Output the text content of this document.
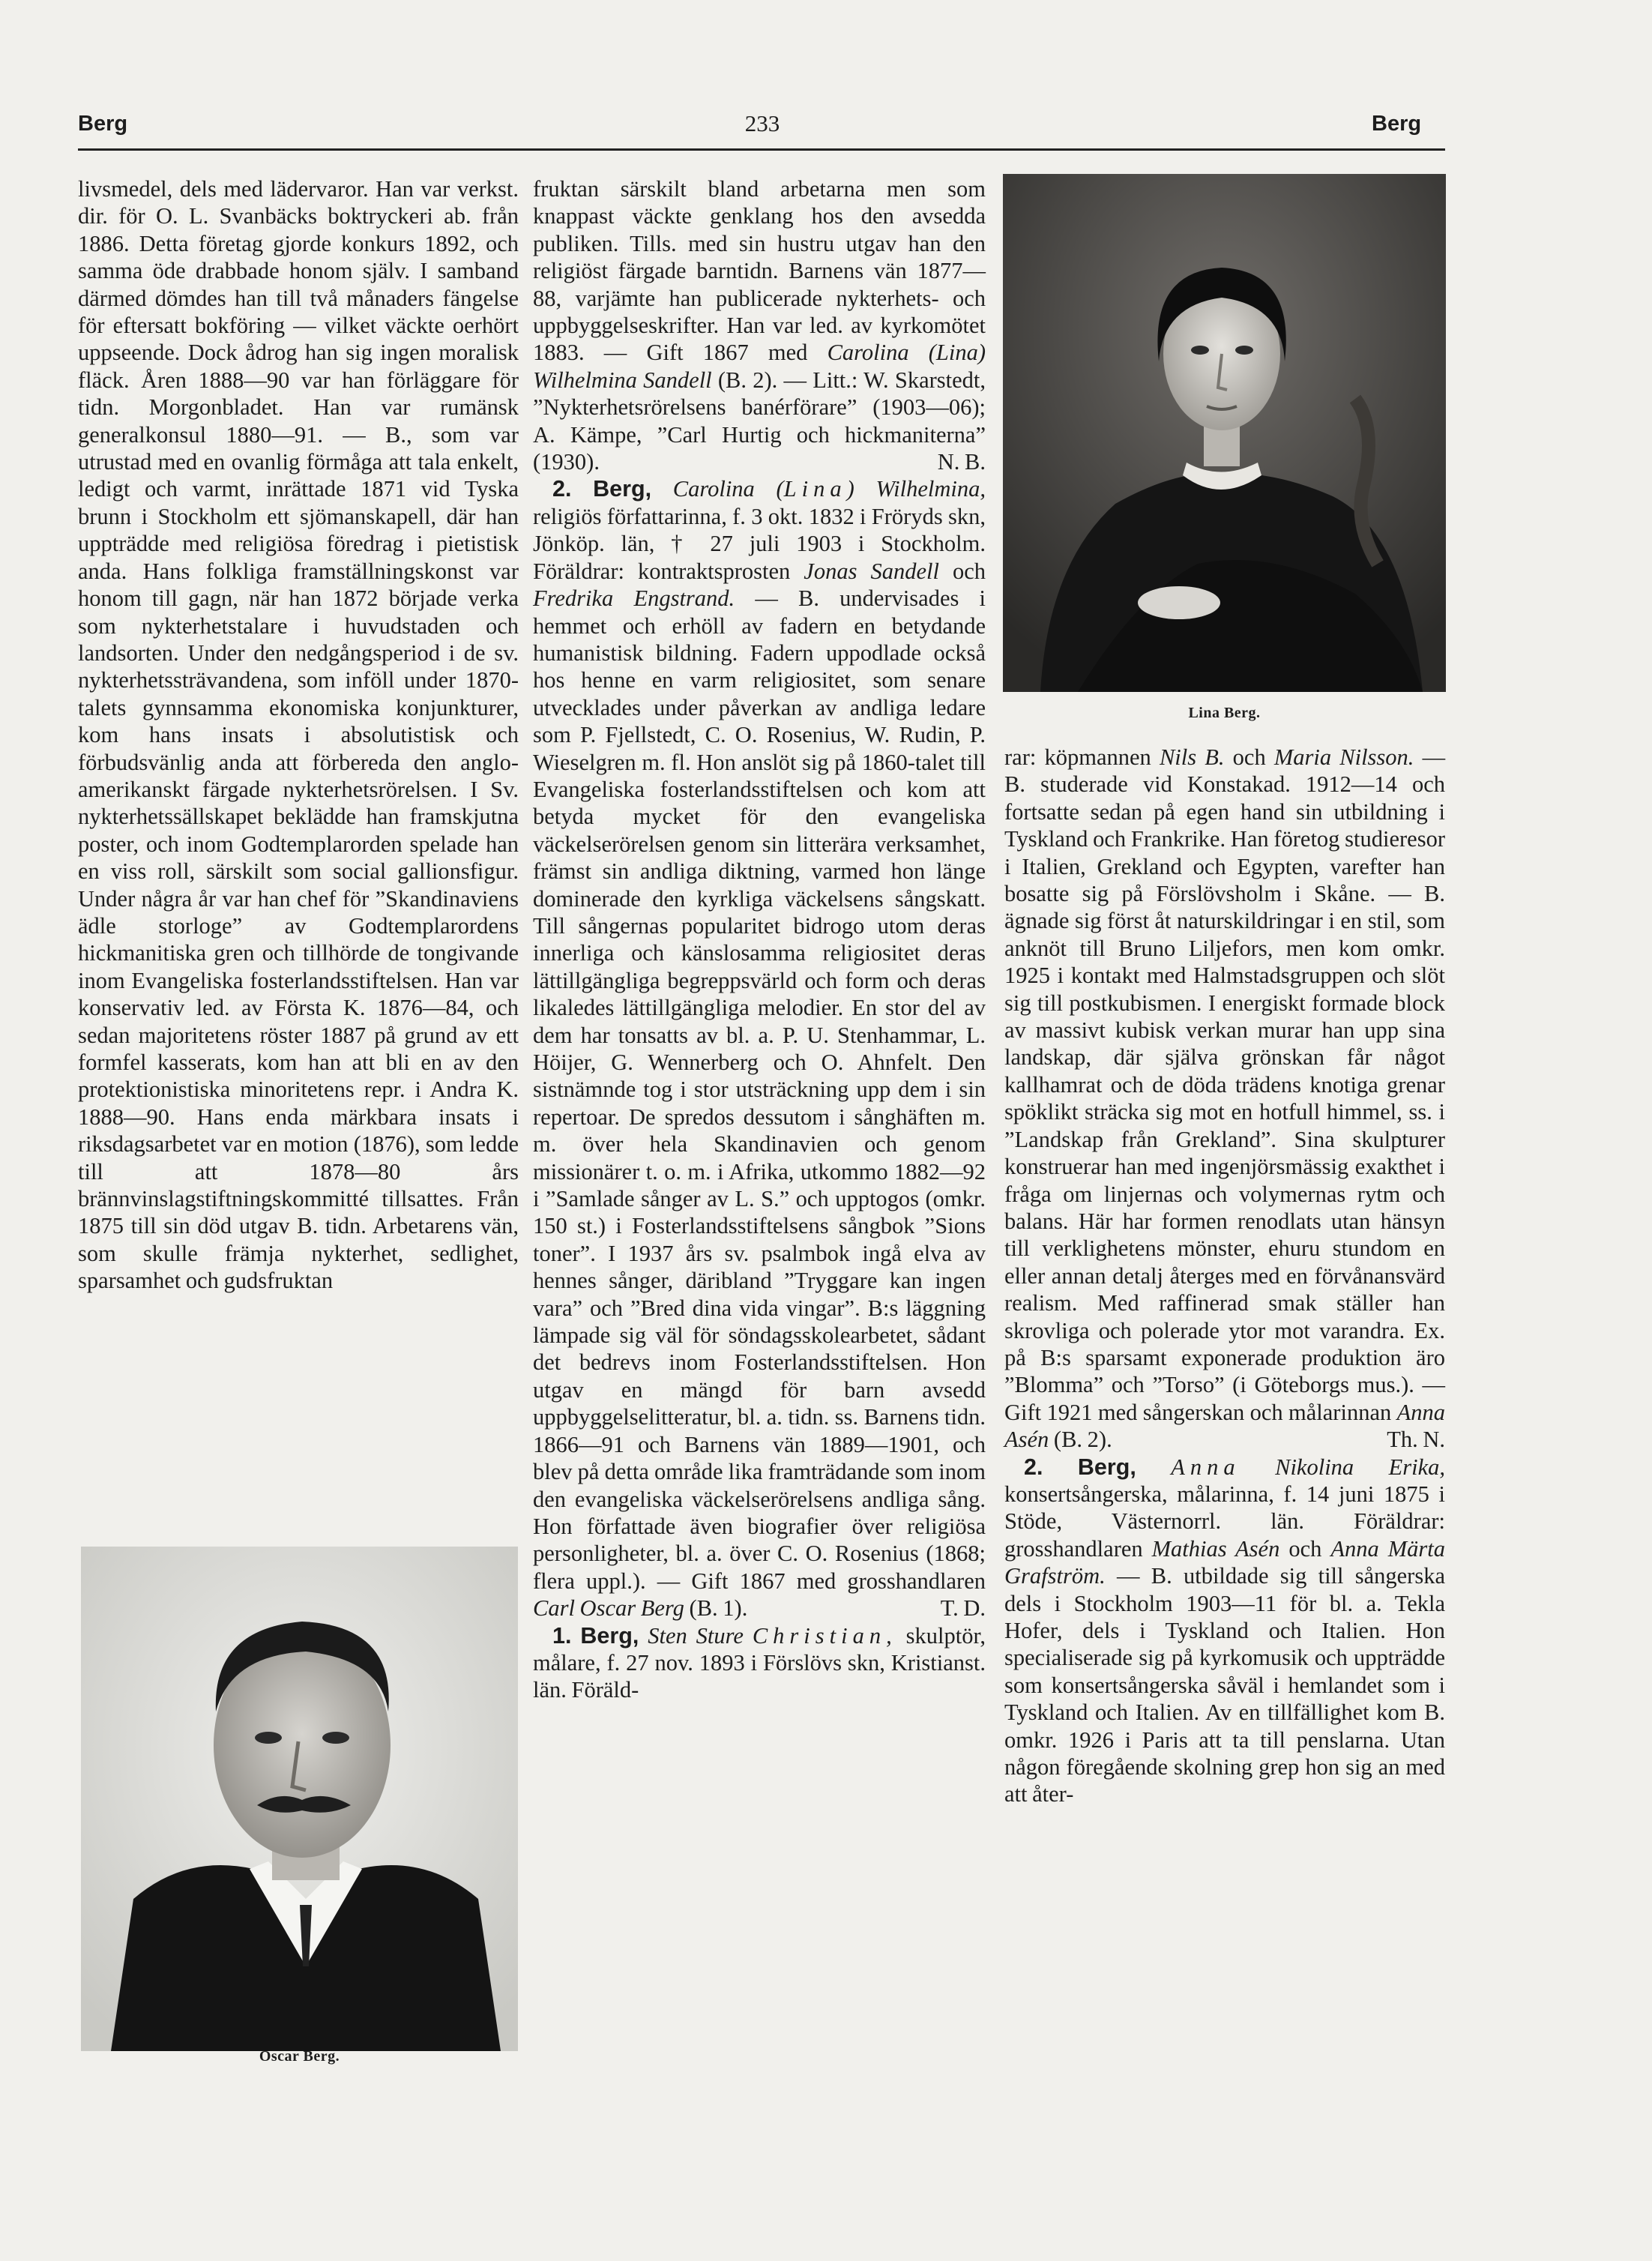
Berg	233	Berg

livsmedel, dels med lädervaror. Han var verkst. dir. för O. L. Svanbäcks boktryckeri ab. från 1886. Detta företag gjorde konkurs 1892, och samma öde drabbade honom själv. I samband därmed dömdes han till två månaders fängelse för eftersatt bokföring — vilket väckte oerhört uppseende. Dock ådrog han sig ingen moralisk fläck. Åren 1888—90 var han förläggare för tidn. Morgonbladet. Han var rumänsk generalkonsul 1880—91. — B., som var utrustad med en ovanlig förmåga att tala enkelt, ledigt och varmt, inrättade 1871 vid Tyska brunn i Stockholm ett sjömanskapell, där han uppträdde med religiösa föredrag i pietistisk anda. Hans folkliga framställningskonst var honom till gagn, när han 1872 började verka som nykterhetstalare i huvudstaden och landsorten. Under den nedgångsperiod i de sv. nykterhetssträvandena, som inföll under 1870-talets gynnsamma ekonomiska konjunkturer, kom hans insats i absolutistisk och förbudsvänlig anda att förbereda den anglo-amerikanskt färgade nykterhetsrörelsen. I Sv. nykterhetssällskapet beklädde han framskjutna poster, och inom Godtemplarorden spelade han en viss roll, särskilt som social gallionsfigur. Under några år var han chef för ”Skandinaviens ädle storloge” av Godtemplarordens hickmanitiska gren och tillhörde de tongivande inom Evangeliska fosterlandsstiftelsen. Han var konservativ led. av Första K. 1876—84, och sedan majoritetens röster 1887 på grund av ett formfel kasserats, kom han att bli en av den protektionistiska minoritetens repr. i Andra K. 1888—90. Hans enda märkbara insats i riksdagsarbetet var en motion (1876), som ledde till att 1878—80 års brännvinslagstiftningskommitté tillsattes. Från 1875 till sin död utgav B. tidn. Arbetarens vän, som skulle främja nykterhet, sedlighet, sparsamhet och gudsfruktan

Oscar Berg.

fruktan särskilt bland arbetarna men som knappast väckte genklang hos den avsedda publiken. Tills. med sin hustru utgav han den religiöst färgade barntidn. Barnens vän 1877—88, varjämte han publicerade nykterhets- och uppbyggelseskrifter. Han var led. av kyrkomötet 1883. — Gift 1867 med Carolina (Lina) Wilhelmina Sandell (B. 2). — Litt.: W. Skarstedt, ”Nykterhetsrörelsens banérförare” (1903—06); A. Kämpe, ”Carl Hurtig och hickmaniterna” (1930).	N. B.

2. Berg, Carolina (Lina) Wilhelmina, religiös författarinna, f. 3 okt. 1832 i Fröryds skn, Jönköp. län, † 27 juli 1903 i Stockholm. Föräldrar: kontraktsprosten Jonas Sandell och Fredrika Engstrand. — B. undervisades i hemmet och erhöll av fadern en betydande humanistisk bildning. Fadern uppodlade också hos henne en varm religiositet, som senare utvecklades under påverkan av andliga ledare som P. Fjellstedt, C. O. Rosenius, W. Rudin, P. Wieselgren m. fl. Hon anslöt sig på 1860-talet till Evangeliska fosterlandsstiftelsen och kom att betyda mycket för den evangeliska väckelserörelsen genom sin litterära verksamhet, främst sin andliga diktning, varmed hon länge dominerade den kyrkliga väckelsens sångskatt. Till sångernas popularitet bidrogo utom deras innerliga och känslosamma religiositet deras lättillgängliga begreppsvärld och form och deras likaledes lättillgängliga melodier. En stor del av dem har tonsatts av bl. a. P. U. Stenhammar, L. Höijer, G. Wennerberg och O. Ahnfelt. Den sistnämnde tog i stor utsträckning upp dem i sin repertoar. De spredos dessutom i sånghäften m. m. över hela Skandinavien och genom missionärer t. o. m. i Afrika, utkommo 1882—92 i ”Samlade sånger av L. S.” och upptogos (omkr. 150 st.) i Fosterlandsstiftelsens sångbok ”Sions toner”. I 1937 års sv. psalmbok ingå elva av hennes sånger, däribland ”Tryggare kan ingen vara” och ”Bred dina vida vingar”. B:s läggning lämpade sig väl för söndagsskolearbetet, sådant det bedrevs inom Fosterlandsstiftelsen. Hon utgav en mängd för barn avsedd uppbyggelselitteratur, bl. a. tidn. ss. Barnens tidn. 1866—91 och Barnens vän 1889—1901, och blev på detta område lika framträdande som inom den evangeliska väckelserörelsens andliga sång. Hon författade även biografier över religiösa personligheter, bl. a. över C. O. Rosenius (1868; flera uppl.). — Gift 1867 med grosshandlaren Carl Oscar Berg (B. 1).	T. D.

1. Berg, Sten Sture Christian, skulptör, målare, f. 27 nov. 1893 i Förslövs skn, Kristianst. län. Föräld-

Lina Berg.

rar: köpmannen Nils B. och Maria Nilsson. — B. studerade vid Konstakad. 1912—14 och fortsatte sedan på egen hand sin utbildning i Tyskland och Frankrike. Han företog studieresor i Italien, Grekland och Egypten, varefter han bosatte sig på Förslövsholm i Skåne. — B. ägnade sig först åt naturskildringar i en stil, som anknöt till Bruno Liljefors, men kom omkr. 1925 i kontakt med Halmstadsgruppen och slöt sig till postkubismen. I energiskt formade block av massivt kubisk verkan murar han upp sina landskap, där själva grönskan får något kallhamrat och de döda trädens knotiga grenar spöklikt sträcka sig mot en hotfull himmel, ss. i ”Landskap från Grekland”. Sina skulpturer konstruerar han med ingenjörsmässig exakthet i fråga om linjernas och volymernas rytm och balans. Här har formen renodlats utan hänsyn till verklighetens mönster, ehuru stundom en eller annan detalj återges med en förvånansvärd realism. Med raffinerad smak ställer han skrovliga och polerade ytor mot varandra. Ex. på B:s sparsamt exponerade produktion äro ”Blomma” och ”Torso” (i Göteborgs mus.). — Gift 1921 med sångerskan och målarinnan Anna Asén (B. 2).	Th. N.

2. Berg, Anna Nikolina Erika, konsertsångerska, målarinna, f. 14 juni 1875 i Stöde, Västernorrl. län. Föräldrar: grosshandlaren Mathias Asén och Anna Märta Grafström. — B. utbildade sig till sångerska dels i Stockholm 1903—11 för bl. a. Tekla Hofer, dels i Tyskland och Italien. Hon specialiserade sig på kyrkomusik och uppträdde som konsertsångerska såväl i hemlandet som i Tyskland och Italien. Av en tillfällighet kom B. omkr. 1926 i Paris att ta till penslarna. Utan någon föregående skolning grep hon sig an med att åter-
